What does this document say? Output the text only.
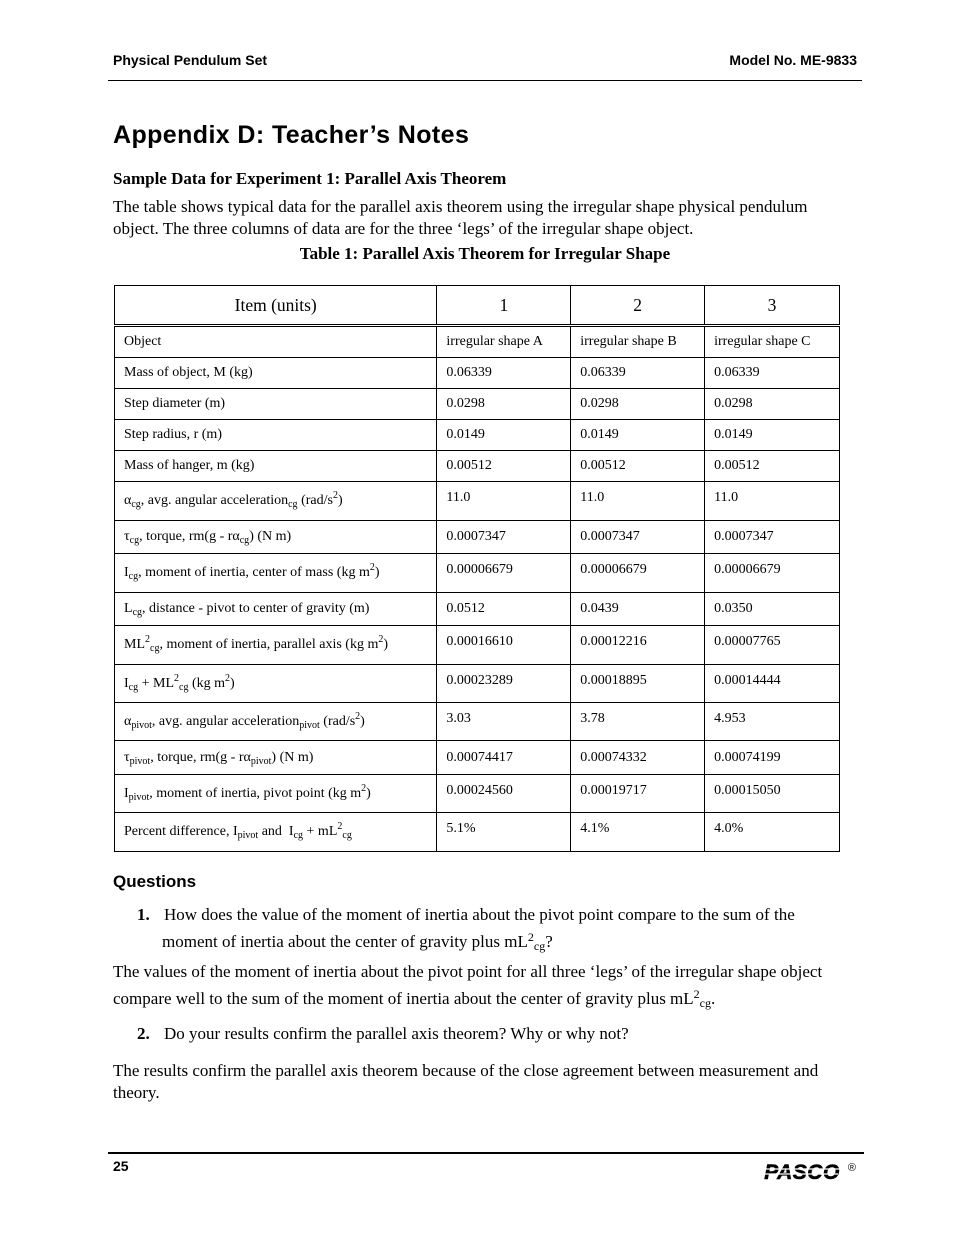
Physical Pendulum Set	Model No. ME-9833
Appendix D: Teacher’s Notes
Sample Data for Experiment 1: Parallel Axis Theorem
The table shows typical data for the parallel axis theorem using the irregular shape physical pendulum object. The three columns of data are for the three ‘legs’ of the irregular shape object.
Table 1: Parallel Axis Theorem for Irregular Shape
Item (units)	1	2	3
Object	irregular shape A	irregular shape B	irregular shape C
Mass of object, M (kg)	0.06339	0.06339	0.06339
Step diameter (m)	0.0298	0.0298	0.0298
Step radius, r (m)	0.0149	0.0149	0.0149
Mass of hanger, m (kg)	0.00512	0.00512	0.00512
$\alpha_{cg}$, avg. angular acceleration$_{cg}$ $(rad/s^2)$	11.0	11.0	11.0
$\tau_{cg}$, torque, $rm(g - r\alpha_{cg})$ (N m)	0.0007347	0.0007347	0.0007347
$I_{cg}$, moment of inertia, center of mass (kg $m^2$)	0.00006679	0.00006679	0.00006679
$L_{cg}$, distance - pivot to center of gravity (m)	0.0512	0.0439	0.0350
$ML^2_{cg}$, moment of inertia, parallel axis (kg $m^2$)	0.00016610	0.00012216	0.00007765
$I_{cg} + ML^2_{cg}$ (kg $m^2$)	0.00023289	0.00018895	0.00014444
$\alpha_{pivot}$, avg. angular acceleration$_{pivot}$ $(rad/s^2)$	3.03	3.78	4.953
$\tau_{pivot}$, torque, $rm(g - r\alpha_{pivot})$ (N m)	0.00074417	0.00074332	0.00074199
$I_{pivot}$, moment of inertia, pivot point (kg $m^2$)	0.00024560	0.00019717	0.00015050
Percent difference, $I_{pivot}$ and  $I_{cg} + mL^2_{cg}$	5.1%	4.1%	4.0%
Questions
1. How does the value of the moment of inertia about the pivot point compare to the sum of the
moment of inertia about the center of gravity plus $mL^2_{cg}$?
The values of the moment of inertia about the pivot point for all three ‘legs’ of the irregular shape object compare well to the sum of the moment of inertia about the center of gravity plus $mL^2_{cg}$.
2. Do your results confirm the parallel axis theorem? Why or why not?
The results confirm the parallel axis theorem because of the close agreement between measurement and theory.
25	PASCO ®
